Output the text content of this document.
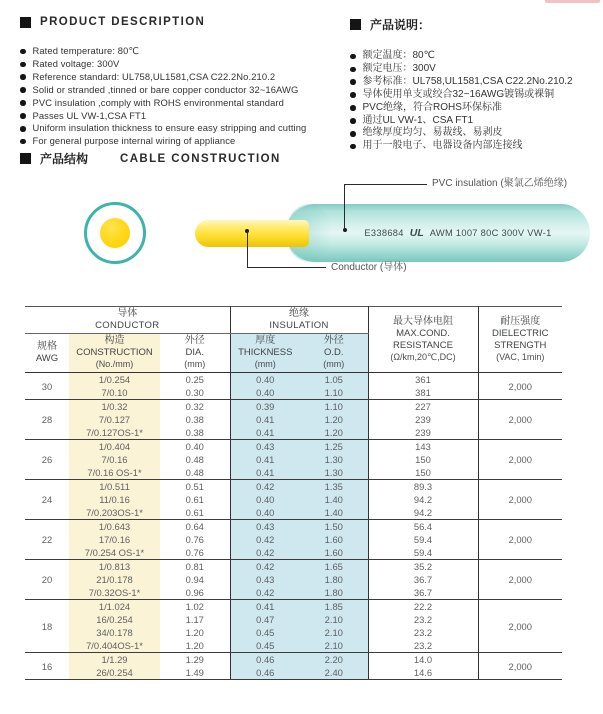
PRODUCT DESCRIPTION
Rated temperature: 80℃
Rated voltage: 300V
Reference standard: UL758,UL1581,CSA C22.2No.210.2
Solid or stranded ,tinned or bare copper conductor 32~16AWG
PVC insulation ,comply with ROHS environmental standard
Passes UL VW-1,CSA FT1
Uniform insulation thickness to ensure easy stripping and cutting
For general purpose internal wiring of appliance
产品说明：
额定温度：80℃
额定电压：300V
参考标准：UL758,UL1581,CSA C22.2No.210.2
导体使用单支或绞合32~16AWG镀锡或裸铜
PVC绝缘，符合ROHS环保标准
通过UL VW-1、CSA FT1
绝缘厚度均匀、易裁线、易剥皮
用于一般电子、电器设备内部连接线
产品结构	CABLE CONSTRUCTION
E338684 UL AWM 1007 80C 300V VW-1
PVC insulation (聚氯乙烯绝缘)
Conductor (导体)
导体
CONDUCTOR

绝缘
INSULATION	最大导体电阻
MAX.COND.
RESISTANCE
(Ω/km,20℃,DC)

耐压强度
DIELECTRIC
STRENGTH
(VAC, 1min)

规格
AWG

构造
CONSTRUCTION
(No./mm)

外径
DIA.
(mm)

厚度
THICKNESS
(mm)

外径
O.D.
(mm)

30	1/0.254	0.25	0.40	1.05	361	2,000
	7/0.10	0.30	0.40	1.10	381	
28	1/0.32	0.32	0.39	1.10	227	2,000
	7/0.127	0.38	0.41	1.20	239	
	7/0.127OS-1*	0.38	0.41	1.20	239	
26	1/0.404	0.40	0.43	1.25	143	2,000
	7/0.16	0.48	0.41	1.30	150	
	7/0.16 OS-1*	0.48	0.41	1.30	150	
24	1/0.511	0.51	0.42	1.35	89.3	2,000
	11/0.16	0.61	0.40	1.40	94.2	
	7/0.203OS-1*	0.61	0.40	1.40	94.2	
22	1/0.643	0.64	0.43	1.50	56.4	2,000
	17/0.16	0.76	0.42	1.60	59.4	
	7/0.254 OS-1*	0.76	0.42	1.60	59.4	
20	1/0.813	0.81	0.42	1.65	35.2	2,000
	21/0.178	0.94	0.43	1.80	36.7	
	7/0.32OS-1*	0.96	0.42	1.80	36.7	
18	1/1.024	1.02	0.41	1.85	22.2	2,000
	16/0.254	1.17	0.47	2.10	23.2	
	34/0.178	1.20	0.45	2.10	23.2	
	7/0.404OS-1*	1.20	0.45	2.10	23.2	
16	1/1.29	1.29	0.46	2.20	14.0	2,000
	26/0.254	1.49	0.46	2.40	14.6	
